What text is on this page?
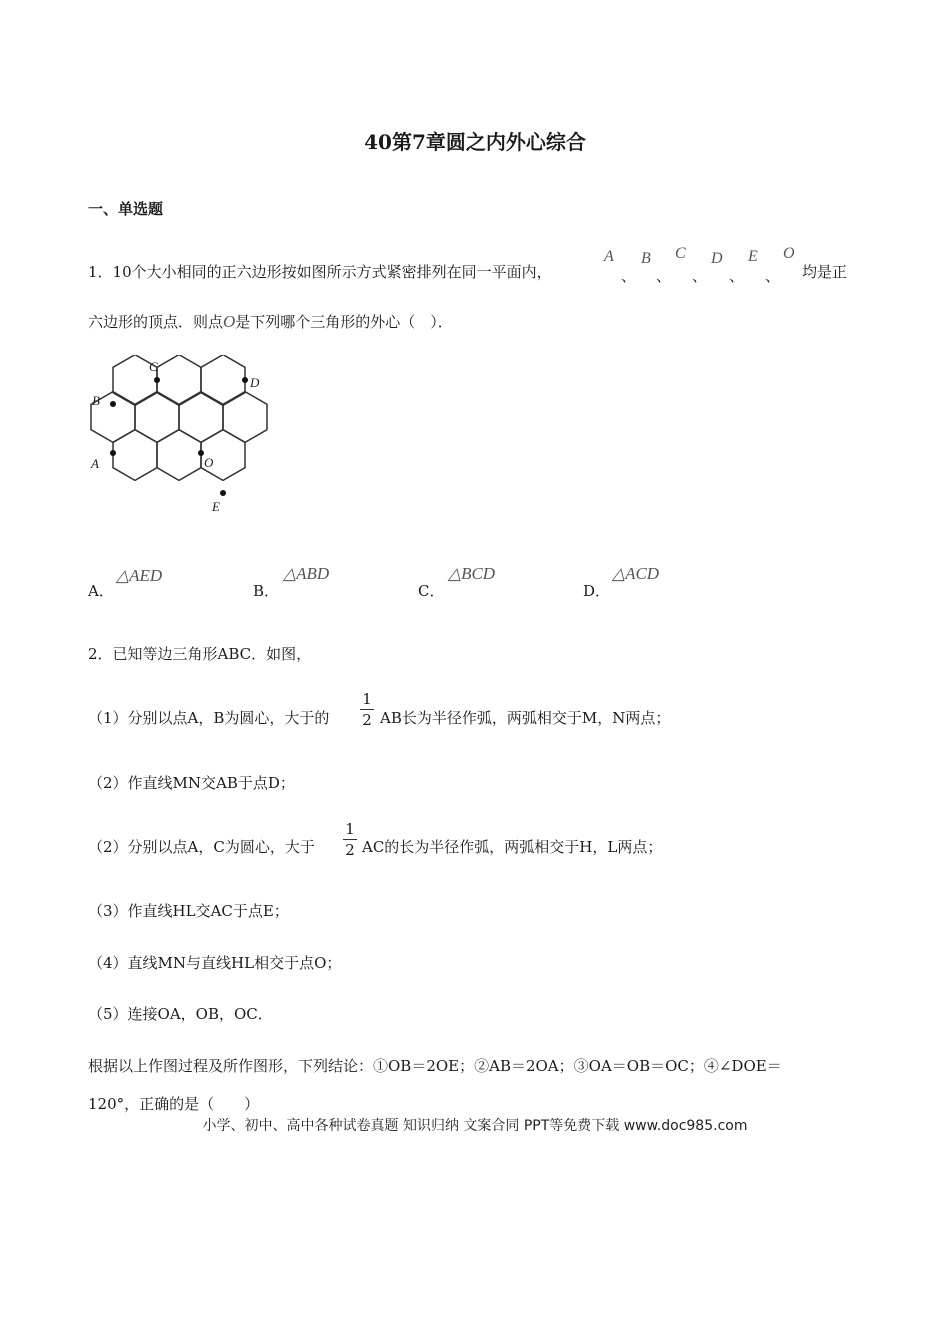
40第7章圆之内外心综合
一、单选题
1．10个大小相同的正六边形按如图所示方式紧密排列在同一平面内，
A
、
B
、
C
、
D
、
E
、
O
均是正
六边形的顶点．则点O是下列哪个三角形的外心（　）．
B
C
D
A	O
E
A．
△AED
B．
△ABD
C．
△BCD
D．
△ACD
2．已知等边三角形ABC．如图，
（1）分别以点A，B为圆心，大于的
1
2 AB长为半径作弧，两弧相交于M，N两点；
（2）作直线MN交AB于点D；
（2）分别以点A，C为圆心，大于
1
2 AC的长为半径作弧，两弧相交于H，L两点；
（3）作直线HL交AC于点E；
（4）直线MN与直线HL相交于点O；
（5）连接OA，OB，OC．
根据以上作图过程及所作图形，下列结论：①OB＝2OE；②AB＝2OA；③OA＝OB＝OC；④∠DOE＝
120°，正确的是（　　）
小学、初中、高中各种试卷真题 知识归纳 文案合同 PPT等免费下载 www.doc985.com
